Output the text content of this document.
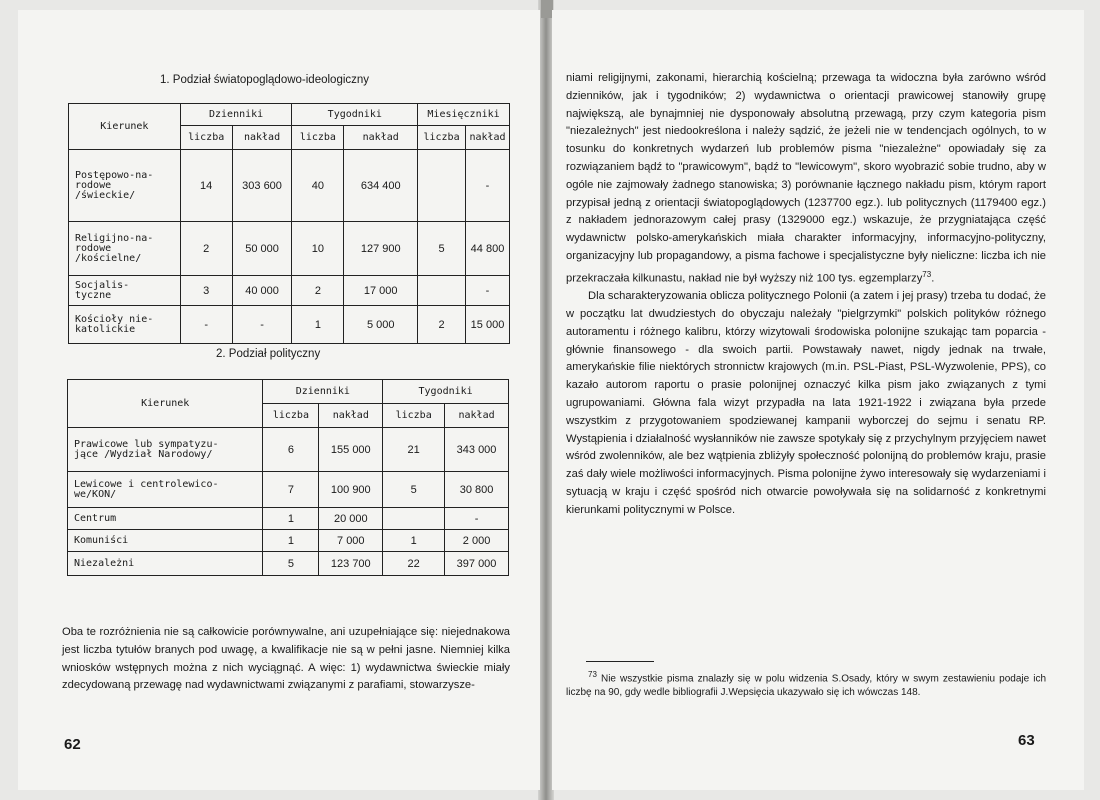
1. Podział światopoglądowo-ideologiczny
Kierunek	Dzienniki		Tygodniki		Miesięczniki	
	liczba	nakład	liczba	nakład	liczba	nakład
Postępowo-na-
rodowe
/świeckie/	14	303 600	40	634 400		-
Religijno-na-
rodowe
/kościelne/	2	50 000	10	127 900	5	44 800
Socjalis-
tyczne	3	40 000	2	17 000		-
Kościoły nie-
katolickie	-	-	1	5 000	2	15 000
2. Podział polityczny
Kierunek	Dzienniki		Tygodniki	
	liczba	nakład	liczba	nakład
Prawicowe lub sympatyzu-
jące /Wydział Narodowy/	6	155 000	21	343 000
Lewicowe i centrolewico-
we/KON/	7	100 900	5	30 800
Centrum	1	20 000		-
Komuniści	1	7 000	1	2 000
Niezależni	5	123 700	22	397 000
Oba te rozróżnienia nie są całkowicie porównywalne, ani uzupełniające się: niejednakowa jest liczba tytułów branych pod uwagę, a kwalifikacje nie są w pełni jasne. Niemniej kilka wniosków wstępnych można z nich wyciągnąć. A więc: 1) wydawnictwa świeckie miały zdecydowaną przewagę nad wydawnictwami związanymi z parafiami, stowarzysze-
62

niami religijnymi, zakonami, hierarchią kościelną; przewaga ta widoczna była zarówno wśród dzienników, jak i tygodników; 2) wydawnictwa o orientacji prawicowej stanowiły grupę największą, ale bynajmniej nie dysponowały absolutną przewagą, przy czym kategoria pism "niezależnych" jest niedookreślona i należy sądzić, że jeżeli nie w tendencjach ogólnych, to w tosunku do konkretnych wydarzeń lub problemów pisma "niezależne" opowiadały się za rozwiązaniem bądź to "prawicowym", bądź to "lewicowym", skoro wyobrazić sobie trudno, aby w ogóle nie zajmowały żadnego stanowiska; 3) porównanie łącznego nakładu pism, którym raport przypisał jedną z orientacji światopoglądowych (1237700 egz.). lub politycznych (1179400 egz.) z nakładem jednorazowym całej prasy (1329000 egz.) wskazuje, że przygniatająca część wydawnictw polsko-amerykańskich miała charakter informacyjny, informacyjno-polityczny, organizacyjny lub propagandowy, a pisma fachowe i specjalistyczne były nieliczne: liczba ich nie przekraczała kilkunastu, nakład nie był wyższy niż 100 tys. egzemplarzy$^{73}$.

Dla scharakteryzowania oblicza politycznego Polonii (a zatem i jej prasy) trzeba tu dodać, że w początku lat dwudziestych do obyczaju należały "pielgrzymki" polskich polityków różnego autoramentu i różnego kalibru, którzy wizytowali środowiska polonijne szukając tam poparcia - głównie finansowego - dla swoich partii. Powstawały nawet, nigdy jednak na trwałe, amerykańskie filie niektórych stronnictw krajowych (m.in. PSL-Piast, PSL-Wyzwolenie, PPS), co kazało autorom raportu o prasie polonijnej oznaczyć kilka pism jako związanych z tymi ugrupowaniami. Główna fala wizyt przypadła na lata 1921-1922 i związana była przede wszystkim z przygotowaniem spodziewanej kampanii wyborczej do sejmu i senatu RP. Wystąpienia i działalność wysłanników nie zawsze spotykały się z przychylnym przyjęciem nawet wśród zwolenników, ale bez wątpienia zbliżyły społeczność polonijną do problemów kraju, prasie zaś dały wiele możliwości informacyjnych. Pisma polonijne żywo interesowały się wydarzeniami i sytuacją w kraju i część spośród nich otwarcie powoływała się na solidarność z konkretnymi kierunkami politycznymi w Polsce.

$^{73}$ Nie wszystkie pisma znalazły się w polu widzenia S.Osady, który w swym zestawieniu podaje ich liczbę na 90, gdy wedle bibliografii J.Wepsięcia ukazywało się ich wówczas 148.
63
